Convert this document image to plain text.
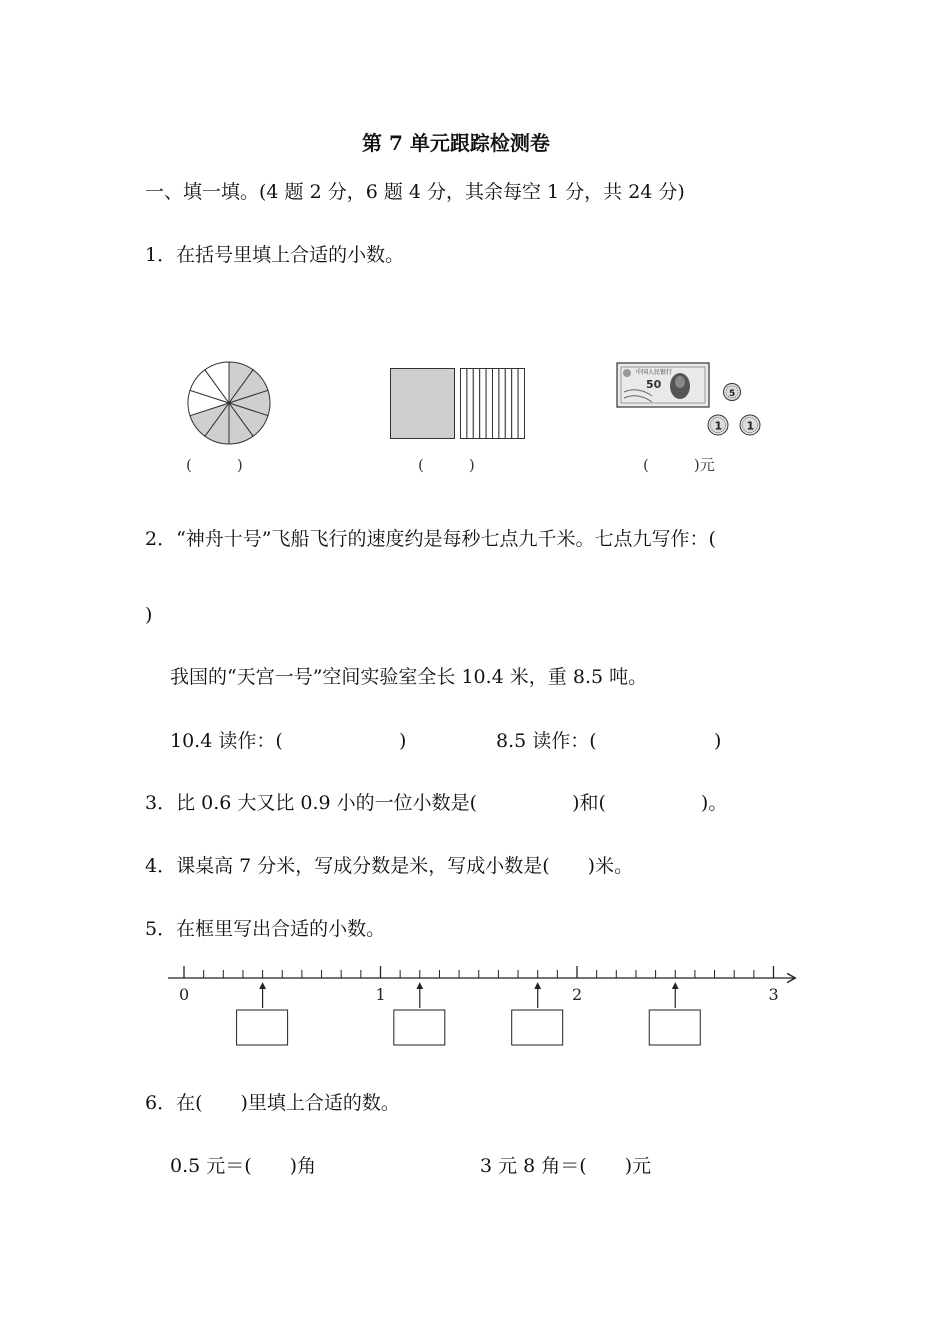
第 7 单元跟踪检测卷
一、填一填。(4 题 2 分，6 题 4 分，其余每空 1 分，共 24 分)
1．在括号里填上合适的小数。
中国人民银行
50
5
1 1
(　　　)	(　　　)	(　　　)元
2．“神舟十号”飞船飞行的速度约是每秒七点九千米。七点九写作：(
)
我国的“天宫一号”空间实验室全长 10.4 米，重 8.5 吨。
10.4 读作：(	)	8.5 读作：(	)
3．比 0.6 大又比 0.9 小的一位小数是(　　　　　)和(　　　　　)。
4．课桌高 7 分米，写成分数是米，写成小数是(　　)米。
5．在框里写出合适的小数。
0	1	2	3
6．在(　　)里填上合适的数。
0.5 元＝(　　)角	3 元 8 角＝(　　)元
